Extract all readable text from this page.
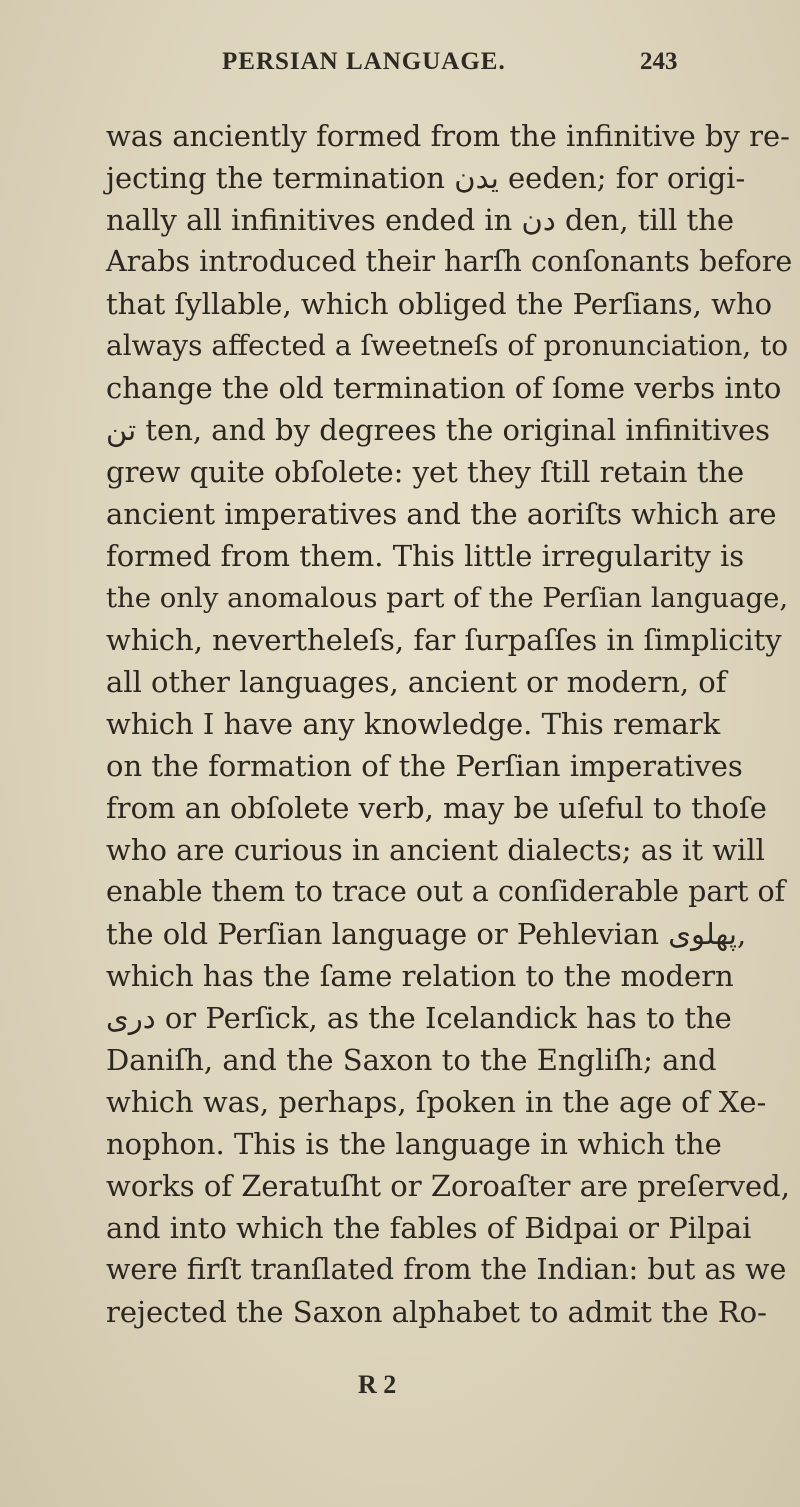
PERSIAN LANGUAGE.	243
was anciently formed from the infinitive by re-
jecting the termination يدن eeden; for origi-
nally all infinitives ended in دن den, till the
Arabs introduced their harſh conſonants before
that ſyllable, which obliged the Perſians, who
always affected a ſweetneſs of pronunciation, to
change the old termination of ſome verbs into
تن ten, and by degrees the original infinitives
grew quite obſolete: yet they ſtill retain the
ancient imperatives and the aoriſts which are
formed from them. This little irregularity is
the only anomalous part of the Perſian language,
which, nevertheleſs, far ſurpaſſes in ſimplicity
all other languages, ancient or modern, of
which I have any knowledge. This remark
on the formation of the Perſian imperatives
from an obſolete verb, may be uſeful to thoſe
who are curious in ancient dialects; as it will
enable them to trace out a conſiderable part of
the old Perſian language or Pehlevian پهلوی,
which has the ſame relation to the modern
دری or Perſick, as the Icelandick has to the
Daniſh, and the Saxon to the Engliſh; and
which was, perhaps, ſpoken in the age of Xe-
nophon. This is the language in which the
works of Zeratuſht or Zoroaſter are preſerved,
and into which the fables of Bidpai or Pilpai
were firſt tranſlated from the Indian: but as we
rejected the Saxon alphabet to admit the Ro-
R 2
